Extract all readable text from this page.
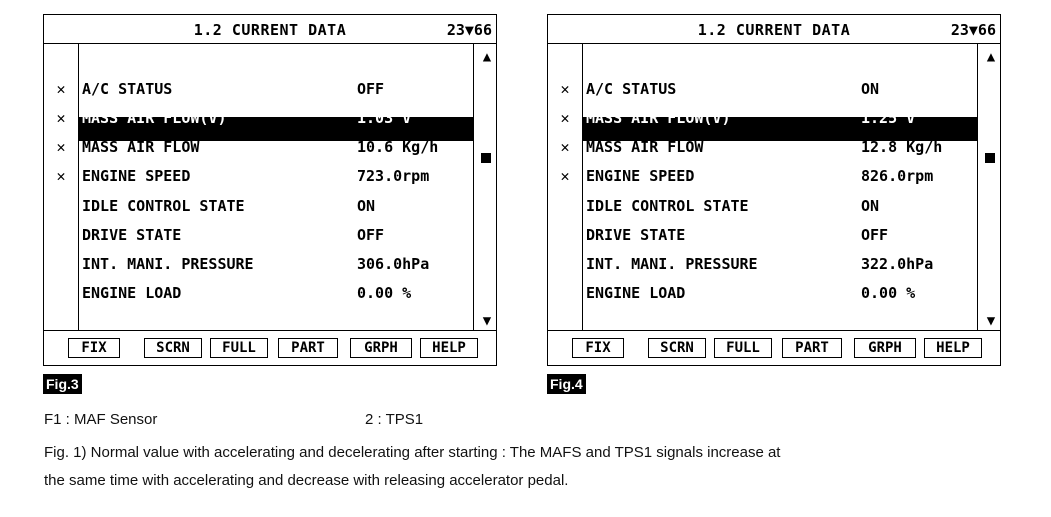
1.2 CURRENT DATA	23▼66
✕ A/C STATUS	OFF
✕ MASS AIR FLOW(V)	1.03 V
✕ MASS AIR FLOW	10.6 Kg/h
✕ ENGINE SPEED	723.0rpm
IDLE CONTROL STATE	ON
DRIVE STATE	OFF
INT. MANI. PRESSURE	306.0hPa
ENGINE LOAD	0.00 %
▲
▼
FIX	SCRN	FULL	PART	GRPH	HELP
Fig.3
1.2 CURRENT DATA	23▼66
✕ A/C STATUS	ON
✕ MASS AIR FLOW(V)	1.25 V
✕ MASS AIR FLOW	12.8 Kg/h
✕ ENGINE SPEED	826.0rpm
IDLE CONTROL STATE	ON
DRIVE STATE	OFF
INT. MANI. PRESSURE	322.0hPa
ENGINE LOAD	0.00 %
▲
▼
FIX	SCRN	FULL	PART	GRPH	HELP
Fig.4
F1 : MAF Sensor	2 : TPS1
Fig. 1) Normal value with accelerating and decelerating after starting : The MAFS and TPS1 signals increase at
the same time with accelerating and decrease with releasing accelerator pedal.
